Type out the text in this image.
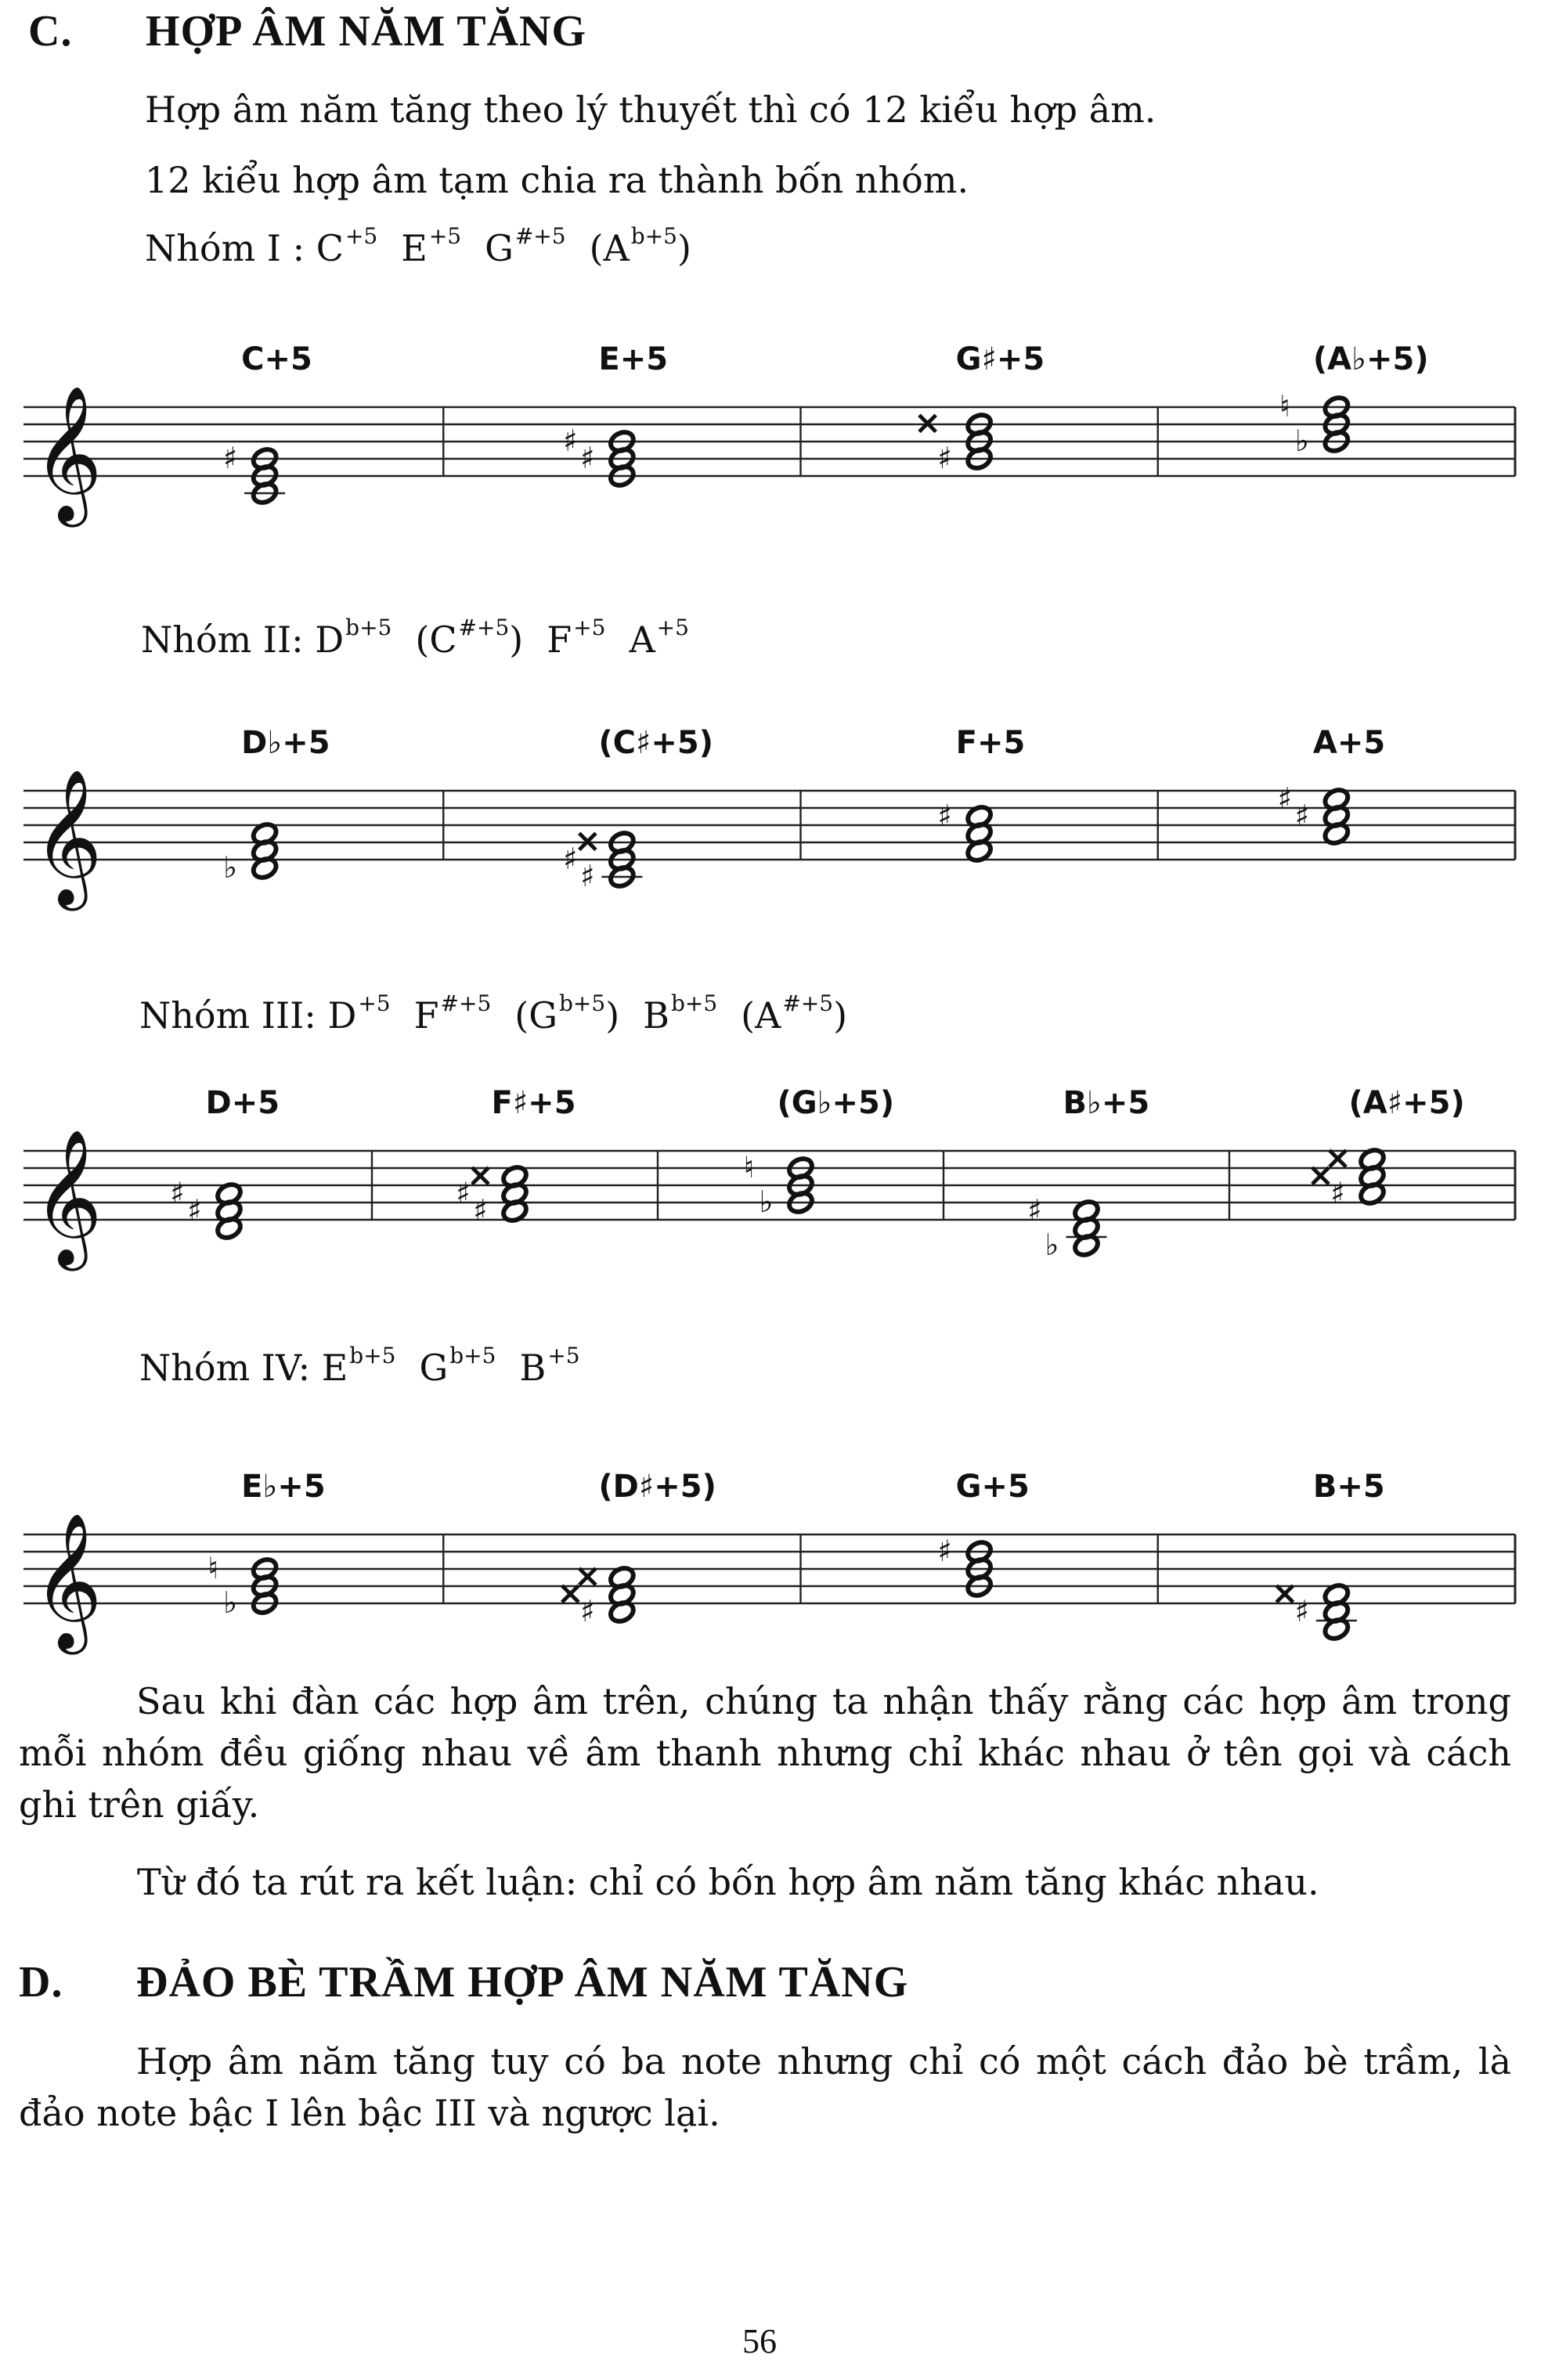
C. HỢP ÂM NĂM TĂNG
Hợp âm năm tăng theo lý thuyết thì có 12 kiểu hợp âm.
12 kiểu hợp âm tạm chia ra thành bốn nhóm.
Nhóm I : $C^{+5}$ $E^{+5}$ $G^{\#+5}$ $(A^{b+5})$
Nhóm II: $D^{b+5}$ $(C^{\#+5})$ $F^{+5}$ $A^{+5}$
Nhóm III: $D^{+5}$ $F^{\#+5}$ $(G^{b+5})$ $B^{b+5}$ $(A^{\#+5})$
Nhóm IV: $E^{b+5}$ $G^{b+5}$ $B^{+5}$
𝄞
C+5
♯
E+5
♯
♯
G♯+5
♯
×
(A♭+5)
♭
♮
𝄞
D♭+5
♭
(C♯+5)
♯
♯
×
F+5
♯
A+5
♯
♯
𝄞
D+5
♯
♯
F♯+5
♯
♯
×
(G♭+5)
♭
♮
B♭+5
♭
♯
(A♯+5)
♯
×
×
𝄞
E♭+5
♭
♮
(D♯+5)
♯
×
×
G+5
♯
B+5
♯
×
Sau khi đàn các hợp âm trên, chúng ta nhận thấy rằng các hợp âm trong mỗi nhóm đều giống nhau về âm thanh nhưng chỉ khác nhau ở tên gọi và cách ghi trên giấy.
Từ đó ta rút ra kết luận: chỉ có bốn hợp âm năm tăng khác nhau.
D. ĐẢO BÈ TRẦM HỢP ÂM NĂM TĂNG
Hợp âm năm tăng tuy có ba note nhưng chỉ có một cách đảo bè trầm, là đảo note bậc I lên bậc III và ngược lại.
56
